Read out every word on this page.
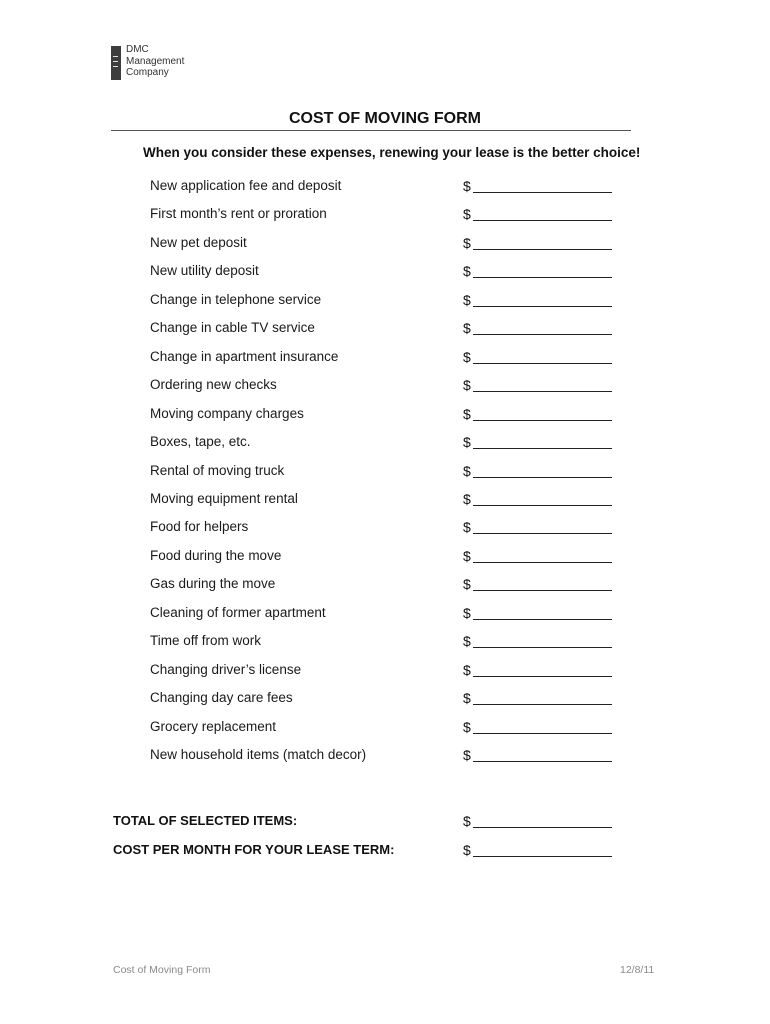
DMC
Management
Company
COST OF MOVING FORM
When you consider these expenses, renewing your lease is the better choice!
New application fee and deposit	$
First month’s rent or proration	$
New pet deposit	$
New utility deposit	$
Change in telephone service	$
Change in cable TV service	$
Change in apartment insurance	$
Ordering new checks	$
Moving company charges	$
Boxes, tape, etc.	$
Rental of moving truck	$
Moving equipment rental	$
Food for helpers	$
Food during the move	$
Gas during the move	$
Cleaning of former apartment	$
Time off from work	$
Changing driver’s license	$
Changing day care fees	$
Grocery replacement	$
New household items (match decor)	$
TOTAL OF SELECTED ITEMS:	$
COST PER MONTH FOR YOUR LEASE TERM:	$
Cost of Moving Form	12/8/11
